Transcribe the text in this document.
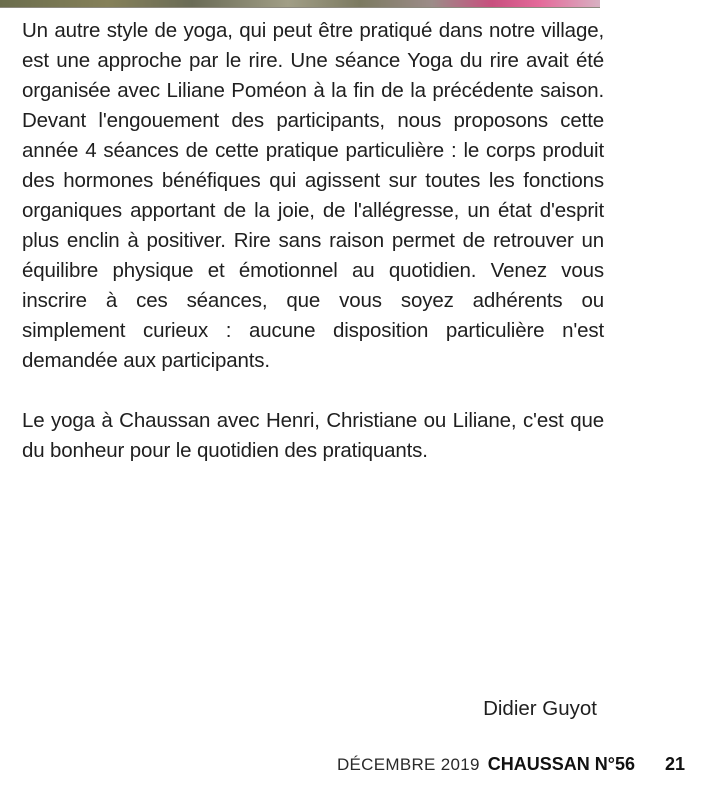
Un autre style de yoga, qui peut être pratiqué dans notre village, est une approche par le rire. Une séance Yoga du rire avait été organisée avec Liliane Poméon à la fin de la précédente saison. Devant l'engouement des participants, nous proposons cette année 4 séances de cette pratique particulière : le corps produit des hormones bénéfiques qui agissent sur toutes les fonctions organiques apportant de la joie, de l'allégresse, un état d'esprit plus enclin à positiver. Rire sans raison permet de retrouver un équilibre physique et émotionnel au quotidien. Venez vous inscrire à ces séances, que vous soyez adhérents ou simplement curieux : aucune disposition particulière n'est demandée aux participants.

Le yoga à Chaussan avec Henri, Christiane ou Liliane, c'est que du bonheur pour le quotidien des pratiquants.

Didier Guyot
DÉCEMBRE 2019 CHAUSSAN N°56 21
